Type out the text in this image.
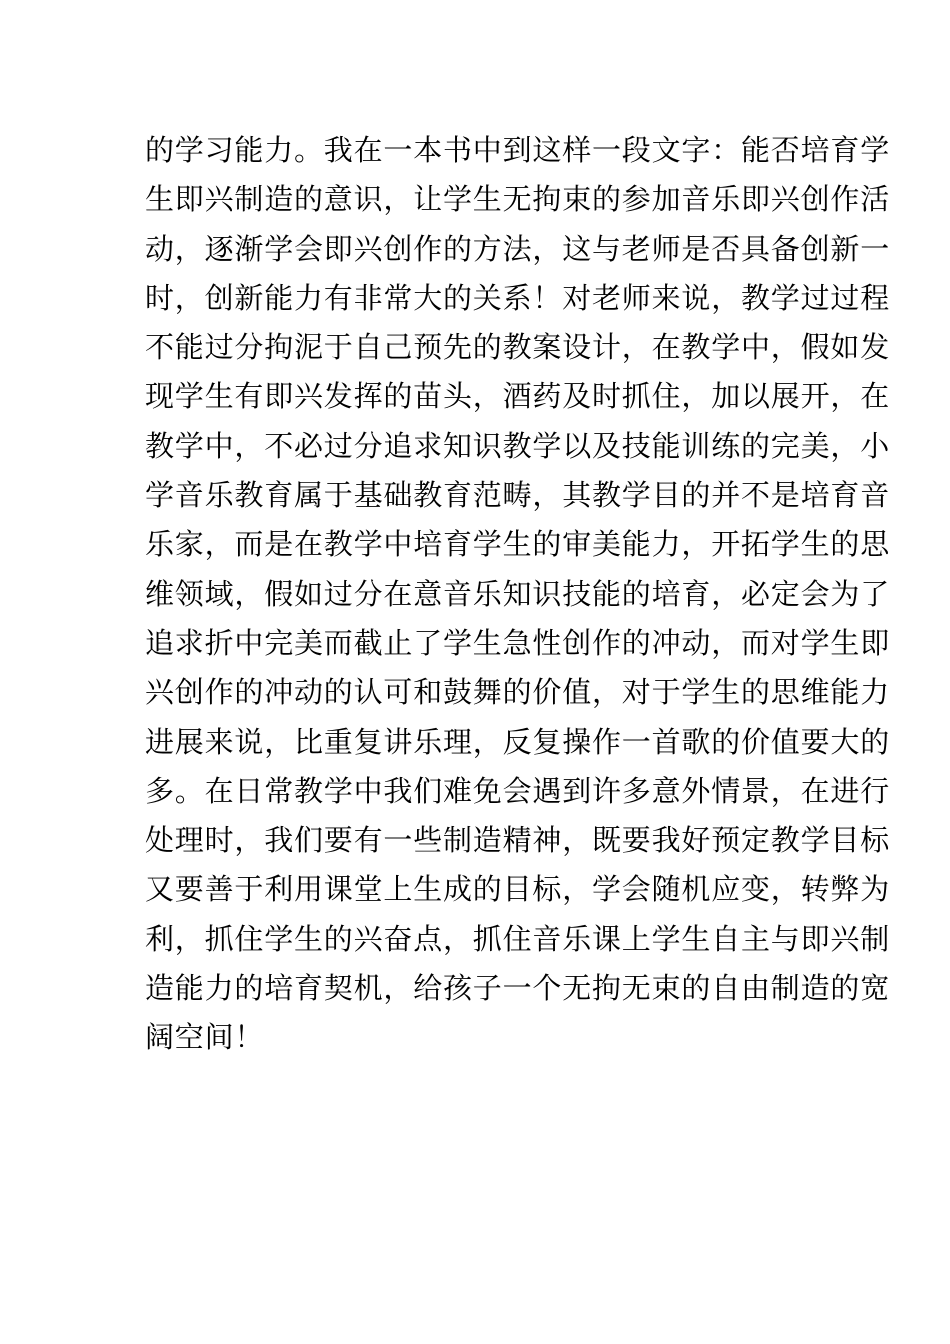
的学习能力。我在一本书中到这样一段文字：能否培育学
生即兴制造的意识，让学生无拘束的参加音乐即兴创作活
动，逐渐学会即兴创作的方法，这与老师是否具备创新一
时，创新能力有非常大的关系！对老师来说，教学过过程
不能过分拘泥于自己预先的教案设计，在教学中，假如发
现学生有即兴发挥的苗头，酒药及时抓住，加以展开，在
教学中，不必过分追求知识教学以及技能训练的完美，小
学音乐教育属于基础教育范畴，其教学目的并不是培育音
乐家，而是在教学中培育学生的审美能力，开拓学生的思
维领域，假如过分在意音乐知识技能的培育，必定会为了
追求折中完美而截止了学生急性创作的冲动，而对学生即
兴创作的冲动的认可和鼓舞的价值，对于学生的思维能力
进展来说，比重复讲乐理，反复操作一首歌的价值要大的
多。在日常教学中我们难免会遇到许多意外情景，在进行
处理时，我们要有一些制造精神，既要我好预定教学目标
又要善于利用课堂上生成的目标，学会随机应变，转弊为
利，抓住学生的兴奋点，抓住音乐课上学生自主与即兴制
造能力的培育契机，给孩子一个无拘无束的自由制造的宽
阔空间！
